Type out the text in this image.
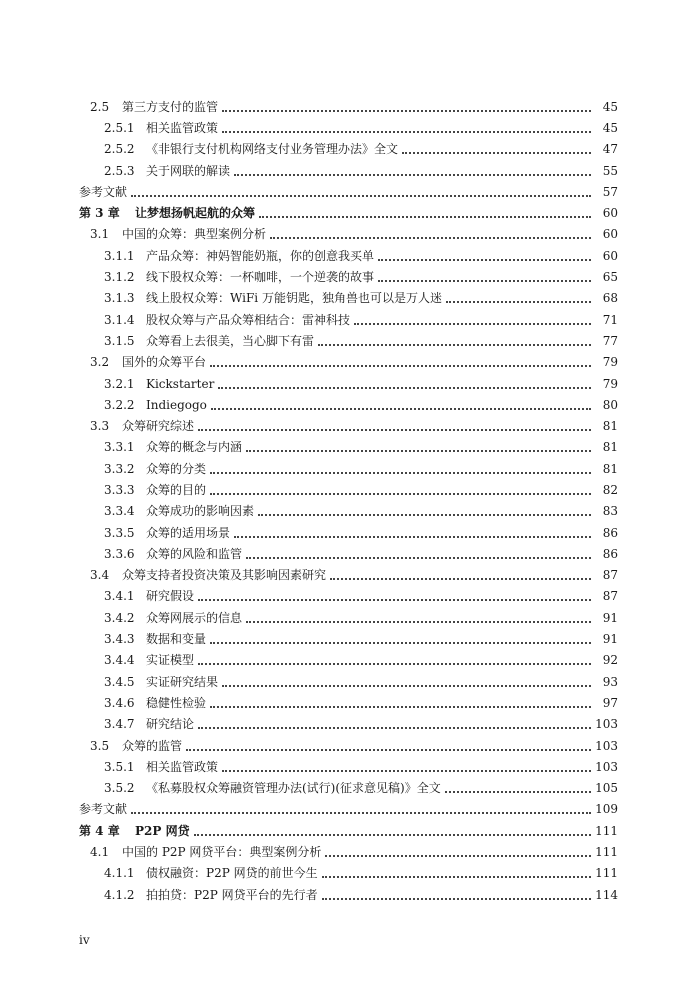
2.5	第三方支付的监管	45
2.5.1 相关监管政策	45
2.5.2 《非银行支付机构网络支付业务管理办法》全文	47
2.5.3 关于网联的解读	55
参考文献	57
第 3 章	让梦想扬帆起航的众筹	60
3.1	中国的众筹：典型案例分析	60
3.1.1 产品众筹：神妈智能奶瓶，你的创意我买单	60
3.1.2 线下股权众筹：一杯咖啡，一个逆袭的故事	65
3.1.3 线上股权众筹：WiFi 万能钥匙，独角兽也可以是万人迷	68
3.1.4 股权众筹与产品众筹相结合：雷神科技	71
3.1.5 众筹看上去很美，当心脚下有雷	77
3.2	国外的众筹平台	79
3.2.1 Kickstarter	79
3.2.2 Indiegogo	80
3.3	众筹研究综述	81
3.3.1 众筹的概念与内涵	81
3.3.2 众筹的分类	81
3.3.3 众筹的目的	82
3.3.4 众筹成功的影响因素	83
3.3.5 众筹的适用场景	86
3.3.6 众筹的风险和监管	86
3.4	众筹支持者投资决策及其影响因素研究	87
3.4.1 研究假设	87
3.4.2 众筹网展示的信息	91
3.4.3 数据和变量	91
3.4.4 实证模型	92
3.4.5 实证研究结果	93
3.4.6 稳健性检验	97
3.4.7 研究结论	103
3.5	众筹的监管	103
3.5.1 相关监管政策	103
3.5.2 《私募股权众筹融资管理办法(试行)(征求意见稿)》全文	105
参考文献	109
第 4 章	P2P 网贷	111
4.1	中国的 P2P 网贷平台：典型案例分析	111
4.1.1 债权融资：P2P 网贷的前世今生	111
4.1.2 拍拍贷：P2P 网贷平台的先行者	114
iv
